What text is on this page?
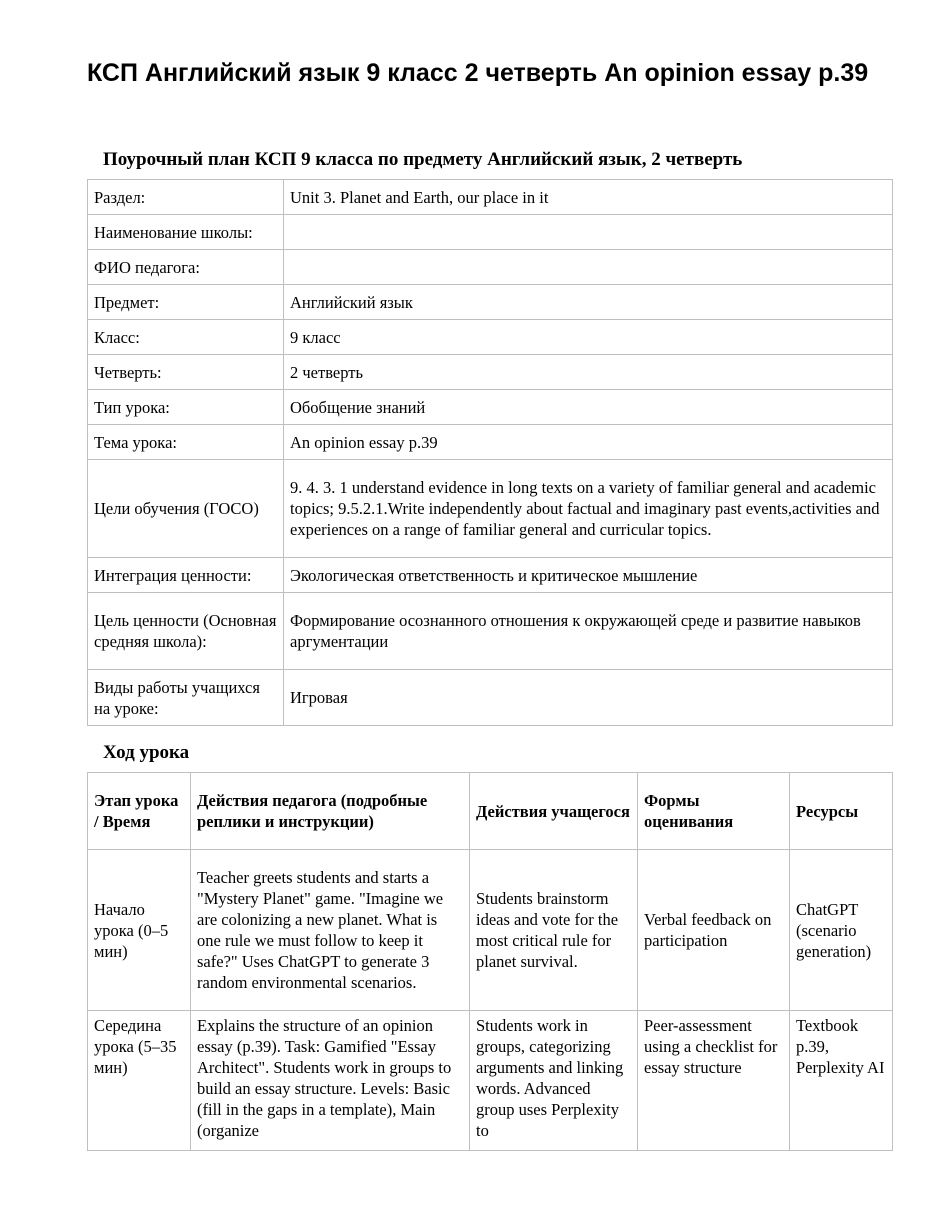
КСП Английский язык 9 класс 2 четверть An opinion essay p.39
Поурочный план КСП 9 класса по предмету Английский язык, 2 четверть
Раздел:	Unit 3. Planet and Earth, our place in it
Наименование школы:	
ФИО педагога:	
Предмет:	Английский язык
Класс:	9 класс
Четверть:	2 четверть
Тип урока:	Обобщение знаний
Тема урока:	An opinion essay p.39
Цели обучения (ГОСО)	9. 4. 3. 1 understand evidence in long texts on a variety of familiar general and academic topics; 9.5.2.1.Write independently about factual and imaginary past events,activities and experiences on a range of familiar general and curricular topics.
Интеграция ценности:	Экологическая ответственность и критическое мышление
Цель ценности (Основная средняя школа):	Формирование осознанного отношения к окружающей среде и развитие навыков аргументации
Виды работы учащихся на уроке:	Игровая
Ход урока
Этап урока / Время	Действия педагога (подробные реплики и инструкции)	Действия учащегося	Формы оценивания	Ресурсы
Начало урока (0–5 мин)	Teacher greets students and starts a "Mystery Planet" game. "Imagine we are colonizing a new planet. What is one rule we must follow to keep it safe?" Uses ChatGPT to generate 3 random environmental scenarios.	Students brainstorm ideas and vote for the most critical rule for planet survival.	Verbal feedback on participation	ChatGPT (scenario generation)

Середина урока (5–35 мин)	Explains the structure of an opinion essay (p.39). Task: Gamified "Essay Architect". Students work in groups to build an essay structure. Levels: Basic (fill in the gaps in a template), Main (organize	Students work in groups, categorizing arguments and linking words. Advanced group uses Perplexity to	Peer-assessment using a checklist for essay structure	Textbook p.39, Perplexity AI
